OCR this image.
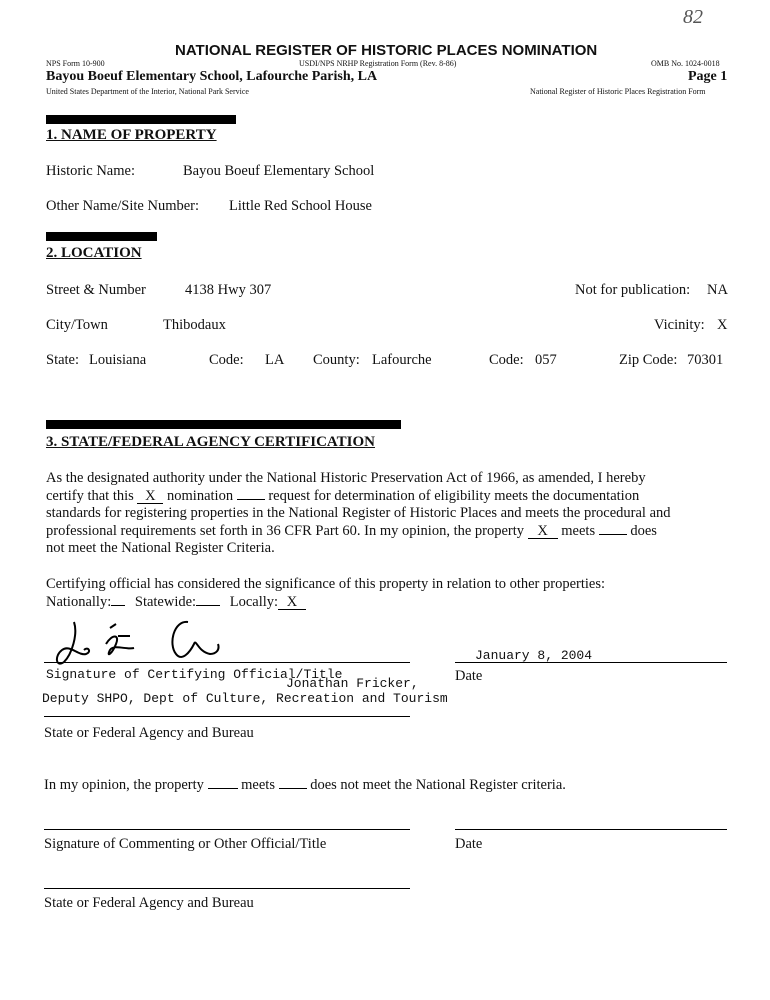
82
NATIONAL REGISTER OF HISTORIC PLACES NOMINATION
NPS Form 10-900	USDI/NPS NRHP Registration Form (Rev. 8-86)	OMB No. 1024-0018
Bayou Boeuf Elementary School, Lafourche Parish, LA	Page 1
United States Department of the Interior, National Park Service	National Register of Historic Places Registration Form
1. NAME OF PROPERTY
Historic Name:	Bayou Boeuf Elementary School
Other Name/Site Number: Little Red School House
2. LOCATION
Street & Number	4138 Hwy 307	Not for publication: NA
City/Town	Thibodaux	Vicinity: X
State: Louisiana	Code: LA County: Lafourche	Code: 057	Zip Code: 70301
3. STATE/FEDERAL AGENCY CERTIFICATION
As the designated authority under the National Historic Preservation Act of 1966, as amended, I hereby
certify that this X nomination request for determination of eligibility meets the documentation
standards for registering properties in the National Register of Historic Places and meets the procedural and
professional requirements set forth in 36 CFR Part 60. In my opinion, the property X meets does
not meet the National Register Criteria.
Certifying official has considered the significance of this property in relation to other properties:
Nationally: Statewide: Locally: X
January 8, 2004
Signature of Certifying Official/Title
Jonathan Fricker,
Deputy SHPO, Dept of Culture, Recreation and Tourism
Date
State or Federal Agency and Bureau
In my opinion, the property	meets does not meet the National Register criteria.
Signature of Commenting or Other Official/Title	Date
State or Federal Agency and Bureau
